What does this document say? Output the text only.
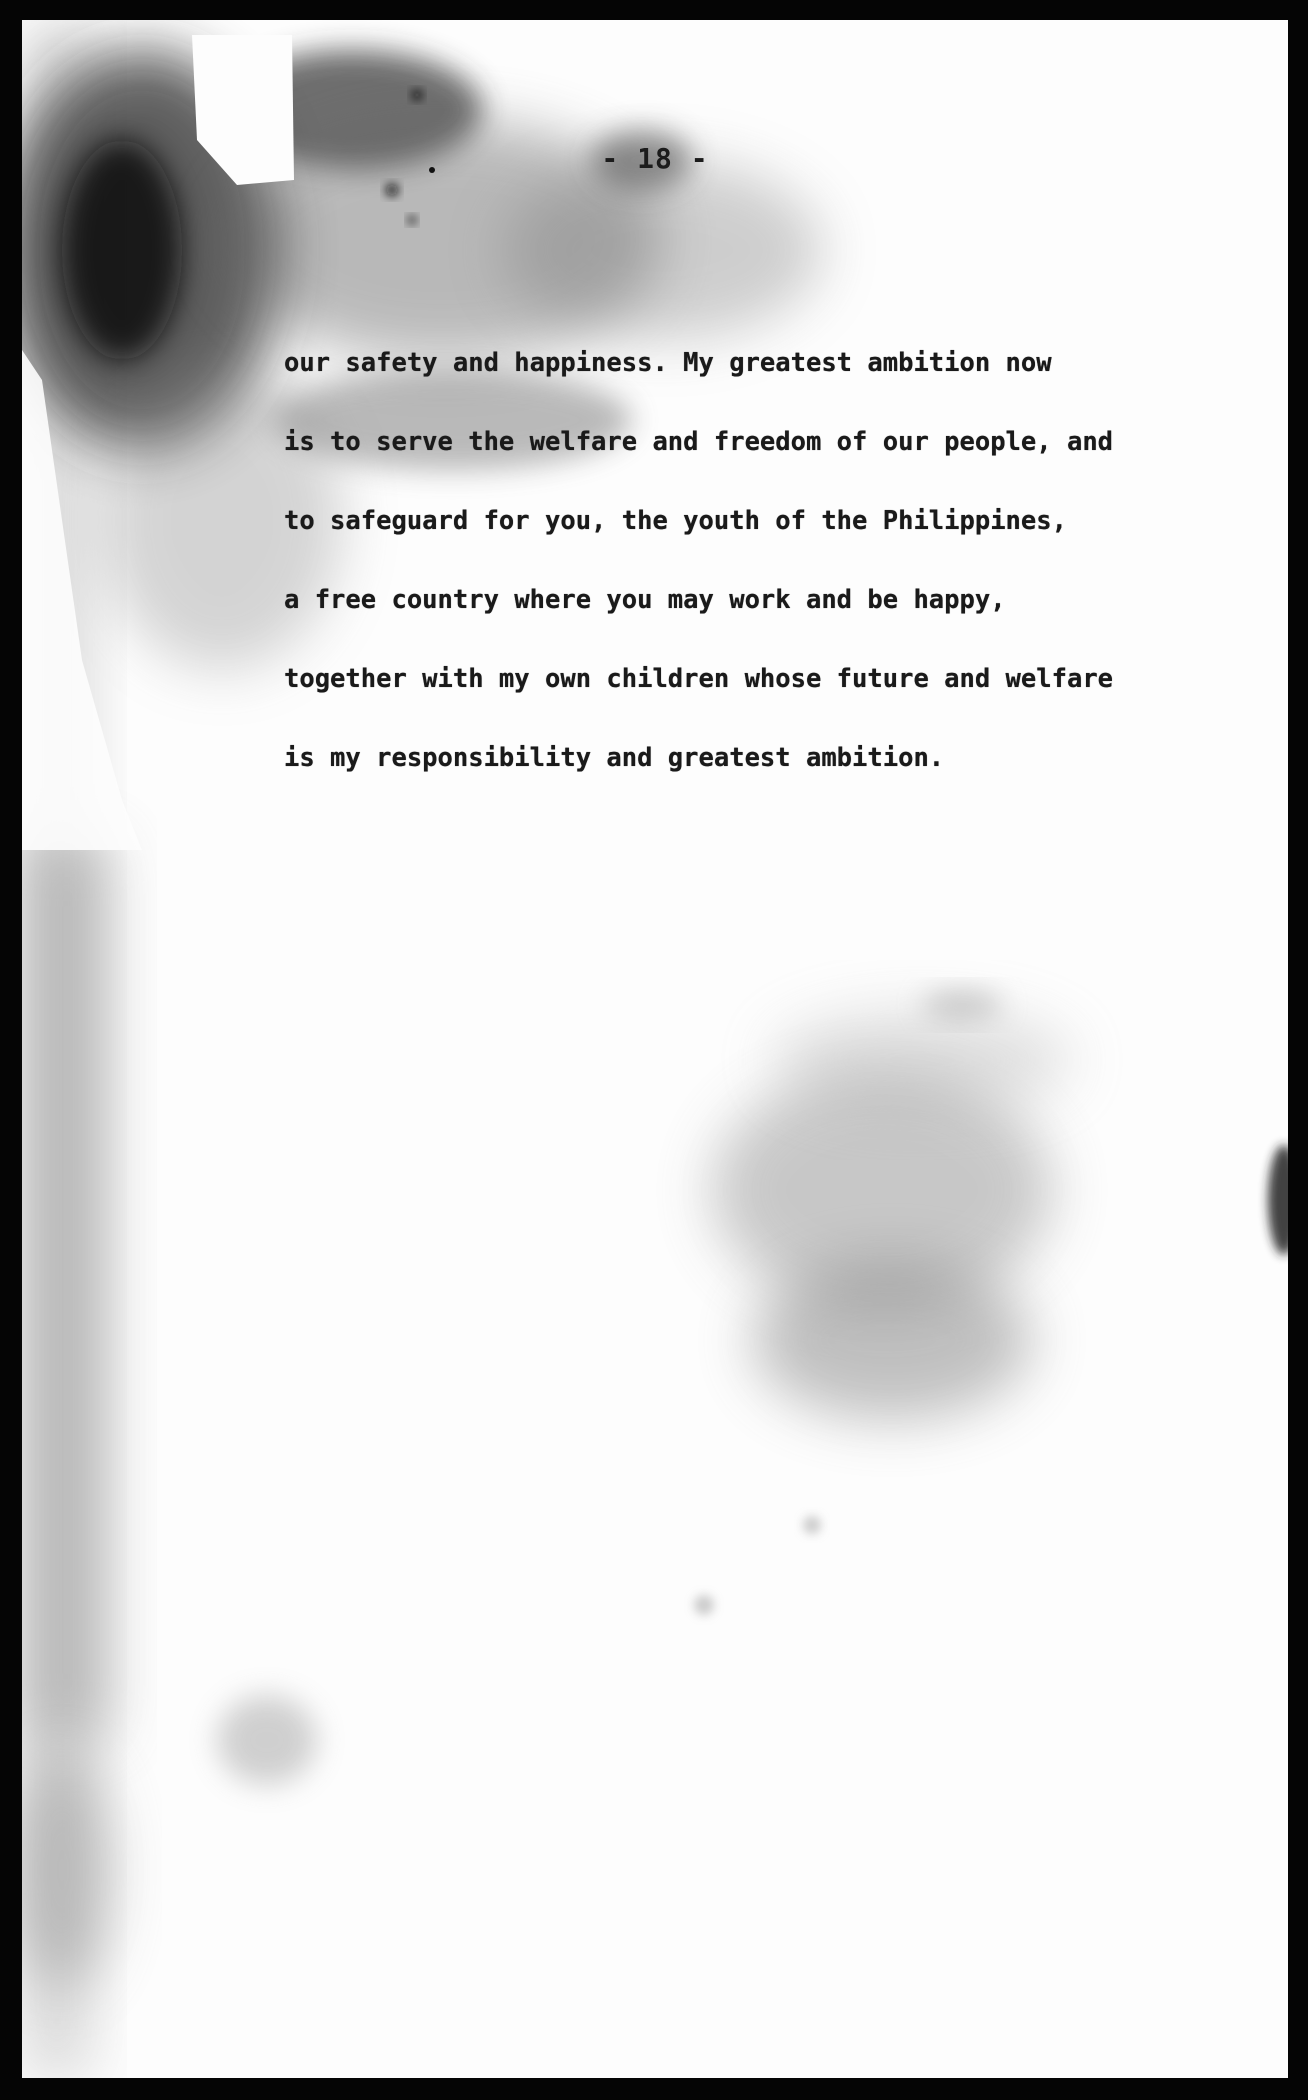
- 18 -
our safety and happiness. My greatest ambition now
is to serve the welfare and freedom of our people, and
to safeguard for you, the youth of the Philippines,
a free country where you may work and be happy,
together with my own children whose future and welfare
is my responsibility and greatest ambition.
